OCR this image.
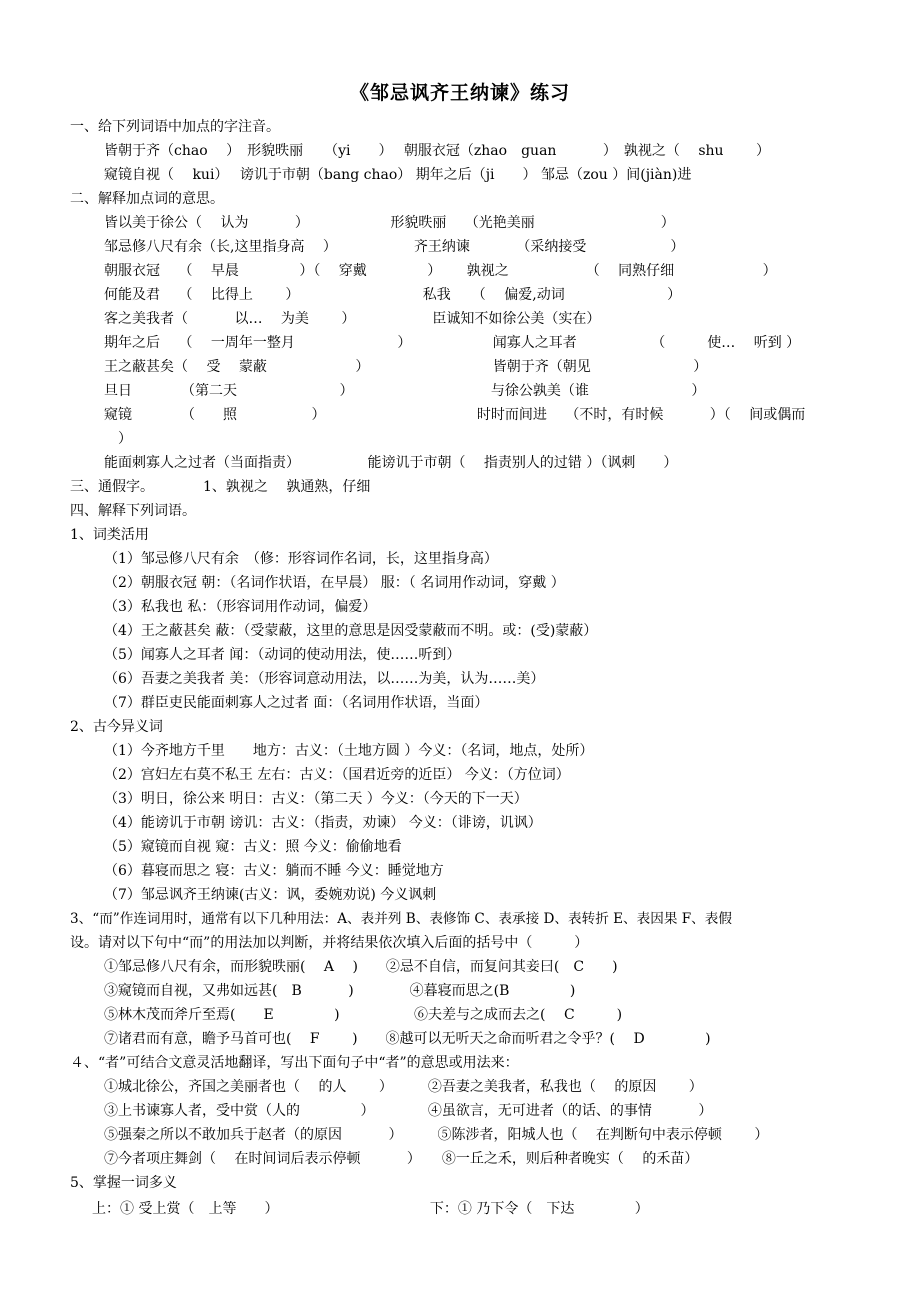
《邹忌讽齐王纳谏》练习
一、给下列词语中加点的字注音。
皆朝于齐（chao　 ）　形貌昳丽　　（yi　　）　 朝服衣冠（zhao　guan　　　 ）　孰视之（　 shu　　 ）
窥镜自视（　 kui）　 谤讥于市朝（bang chao） 期年之后（ji　　） 邹忌（zou ）间(jiàn)进
二、解释加点词的意思。
皆以美于徐公（　 认为　　　 ）　　　　　　 形貌昳丽　 （光艳美丽　　　　　　　　　）
邹忌修八尺有余（长,这里指身高　 ）　　　　　　齐王纳谏　　　 （采纳接受　　　　　　）
朝服衣冠　 （　 早晨　　　　 ）（　 穿戴　　　　 ）　　 孰视之　　　　　　（　 同熟仔细　　　　　　 ）
何能及君　 （　 比得上　　 ）　　　　　　　　　 私我　　（　 偏爱,动词　　　　　　　 ）
客之美我者（　　　 以…　 为美　　 ）　　　　　　臣诚知不如徐公美（实在）
期年之后　 （　 一周年一整月　　　　　　　 ）　　　　　　 闻寡人之耳者　　　　　 （　　　使…　 听到 ）
王之蔽甚矣（　 受　 蒙蔽　　　　　　 ）　　　　　　　　　 皆朝于齐（朝见　　　　　　　 ）
旦日　　　　（第二天　　　　　　　 ）　　　　　　　　　　 与徐公孰美（谁　　　　　　　 ）
窥镜　　　　（　　照　　　　　 ）　　　　　　　　　　　 时时而间进　 （不时，有时候　　　 ）（　 间或偶而
　）
能面刺寡人之过者（当面指责）　　　　　 能谤讥于市朝（　 指责别人的过错 ）（讽刺　　）
三、通假字。　　　　1、孰视之　 孰通熟，仔细
四、解释下列词语。
1、词类活用
（1）邹忌修八尺有余　（修：形容词作名词，长，这里指身高）
（2）朝服衣冠 朝：（名词作状语，在早晨） 服：（ 名词用作动词，穿戴 ）
（3）私我也 私：（形容词用作动词，偏爱）
（4）王之蔽甚矣 蔽：（受蒙蔽，这里的意思是因受蒙蔽而不明。或：(受)蒙蔽）
（5）闻寡人之耳者 闻：（动词的使动用法，使……听到）
（6）吾妻之美我者 美：（形容词意动用法，以……为美，认为……美）
（7）群臣吏民能面刺寡人之过者 面：（名词用作状语，当面）
2、古今异义词
（1）今齐地方千里　　地方：古义：（土地方圆 ）今义：（名词，地点，处所）
（2）宫妇左右莫不私王 左右：古义：（国君近旁的近臣） 今义：（方位词）
（3）明日，徐公来 明日：古义：（第二天 ）今义：（今天的下一天）
（4）能谤讥于市朝 谤讥：古义：（指责，劝谏） 今义：（诽谤，讥讽）
（5）窥镜而自视 窥：古义：照 今义：偷偷地看
（6）暮寝而思之 寝：古义：躺而不睡 今义：睡觉地方
（7）邹忌讽齐王纳谏(古义：讽，委婉劝说) 今义讽刺
3、“而”作连词用时，通常有以下几种用法：A、表并列 B、表修饰 C、表承接 D、表转折 E、表因果 F、表假
设。请对以下句中“而”的用法加以判断，并将结果依次填入后面的括号中（　　　）
①邹忌修八尺有余，而形貌昳丽(　 A　 )　　②忌不自信，而复问其妾曰(　C　　)
③窥镜而自视，又弗如远甚(　B　　　 )　　　　④暮寝而思之(B　　　　 )
⑤林木茂而斧斤至焉(　　E　　　　 )　　　　　 ⑥夫差与之成而去之(　 C　　　)
⑦诸君而有意，瞻予马首可也(　 F　　 )　　⑧越可以无听天之命而听君之令乎？(　 D　　　　 )
４、“者”可结合文意灵活地翻译，写出下面句子中“者”的意思或用法来：
①城北徐公，齐国之美丽者也（　 的人　　 ）　　　②吾妻之美我者，私我也（　 的原因　　 ）
③上书谏寡人者，受中赏（人的　　　　 ）　　　　 ④虽欲言，无可进者（的话、的事情　　　 ）
⑤强秦之所以不敢加兵于赵者（的原因　　　 ）　　　⑤陈涉者，阳城人也（　 在判断句中表示停顿　　 ）
⑦今者项庄舞剑（　 在时间词后表示停顿　　　 ）　　⑧一丘之禾，则后种者晚实（　 的禾苗）
5、掌握一词多义
上：① 受上赏（　上等　　）　　　　　　　　　　　 下：① 乃下令（　下达　　　　 ）
